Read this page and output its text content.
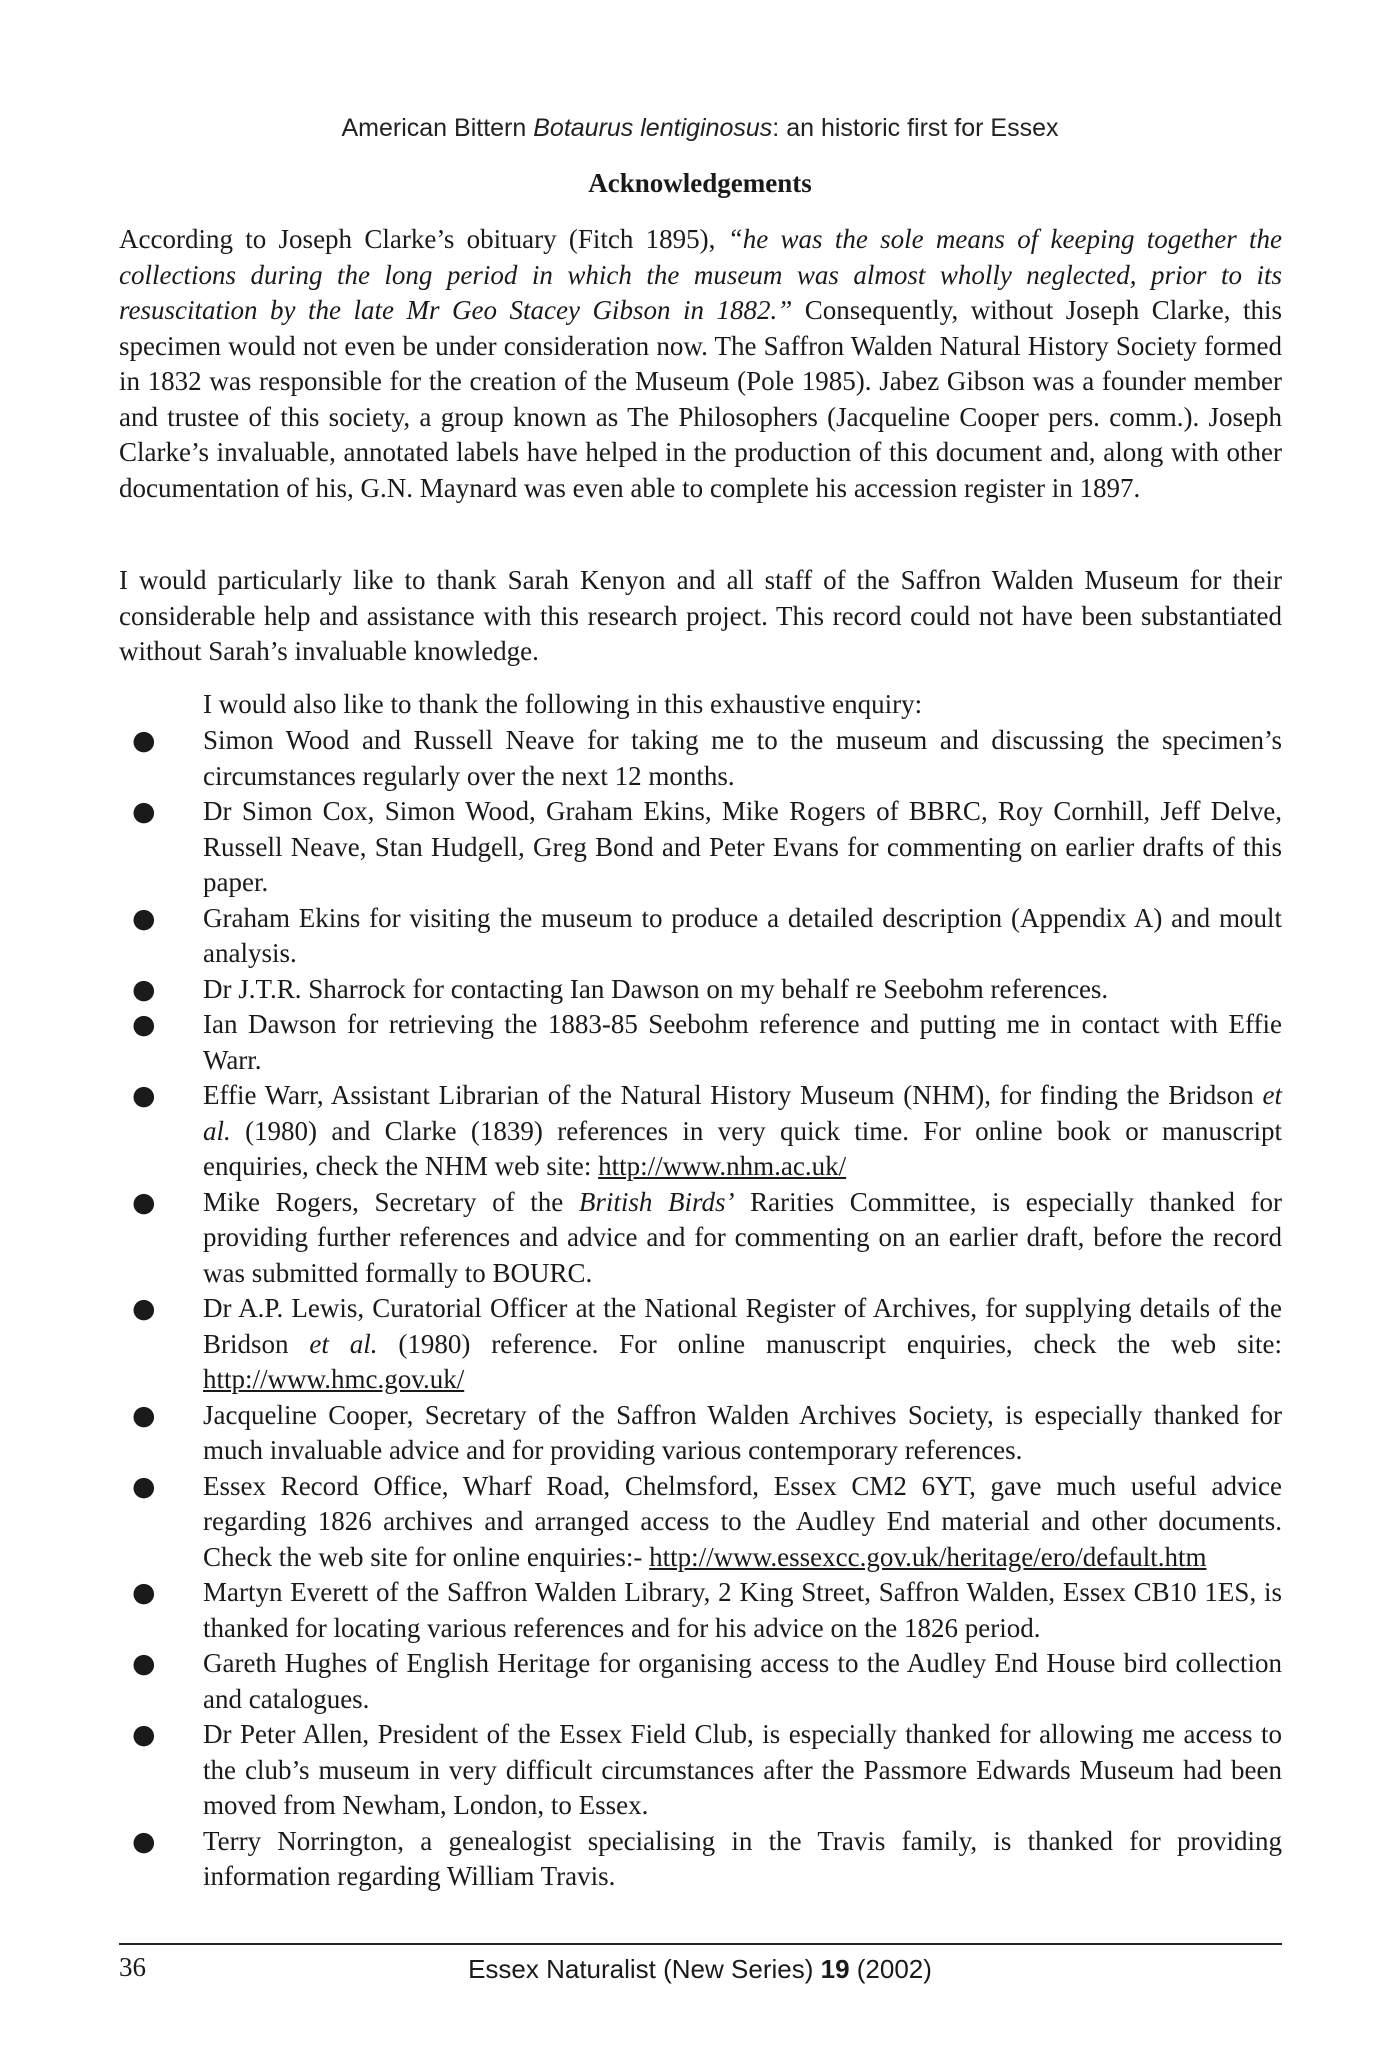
American Bittern Botaurus lentiginosus: an historic first for Essex
Acknowledgements

According to Joseph Clarke’s obituary (Fitch 1895), “he was the sole means of keeping together the collections during the long period in which the museum was almost wholly neglected, prior to its resuscitation by the late Mr Geo Stacey Gibson in 1882.” Consequently, without Joseph Clarke, this specimen would not even be under consideration now. The Saffron Walden Natural History Society formed in 1832 was responsible for the creation of the Museum (Pole 1985). Jabez Gibson was a founder member and trustee of this society, a group known as The Philosophers (Jacqueline Cooper pers. comm.). Joseph Clarke’s invaluable, annotated labels have helped in the production of this document and, along with other documentation of his, G.N. Maynard was even able to complete his accession register in 1897.

I would particularly like to thank Sarah Kenyon and all staff of the Saffron Walden Museum for their considerable help and assistance with this research project. This record could not have been substantiated without Sarah’s invaluable knowledge.

I would also like to thank the following in this exhaustive enquiry:

● Simon Wood and Russell Neave for taking me to the museum and discussing the specimen’s circumstances regularly over the next 12 months.
● Dr Simon Cox, Simon Wood, Graham Ekins, Mike Rogers of BBRC, Roy Cornhill, Jeff Delve, Russell Neave, Stan Hudgell, Greg Bond and Peter Evans for commenting on earlier drafts of this paper.
● Graham Ekins for visiting the museum to produce a detailed description (Appendix A) and moult analysis.
● Dr J.T.R. Sharrock for contacting Ian Dawson on my behalf re Seebohm references.
● Ian Dawson for retrieving the 1883-85 Seebohm reference and putting me in contact with Effie Warr.
● Effie Warr, Assistant Librarian of the Natural History Museum (NHM), for finding the Bridson et al. (1980) and Clarke (1839) references in very quick time. For online book or manuscript enquiries, check the NHM web site: http://www.nhm.ac.uk/
● Mike Rogers, Secretary of the British Birds’ Rarities Committee, is especially thanked for providing further references and advice and for commenting on an earlier draft, before the record was submitted formally to BOURC.
● Dr A.P. Lewis, Curatorial Officer at the National Register of Archives, for supplying details of the Bridson et al. (1980) reference. For online manuscript enquiries, check the web site: http://www.hmc.gov.uk/
● Jacqueline Cooper, Secretary of the Saffron Walden Archives Society, is especially thanked for much invaluable advice and for providing various contemporary references.
● Essex Record Office, Wharf Road, Chelmsford, Essex CM2 6YT, gave much useful advice regarding 1826 archives and arranged access to the Audley End material and other documents. Check the web site for online enquiries:- http://www.essexcc.gov.uk/heritage/ero/default.htm
● Martyn Everett of the Saffron Walden Library, 2 King Street, Saffron Walden, Essex CB10 1ES, is thanked for locating various references and for his advice on the 1826 period.
● Gareth Hughes of English Heritage for organising access to the Audley End House bird collection and catalogues.
● Dr Peter Allen, President of the Essex Field Club, is especially thanked for allowing me access to the club’s museum in very difficult circumstances after the Passmore Edwards Museum had been moved from Newham, London, to Essex.
● Terry Norrington, a genealogist specialising in the Travis family, is thanked for providing information regarding William Travis.
36	Essex Naturalist (New Series) 19 (2002)
